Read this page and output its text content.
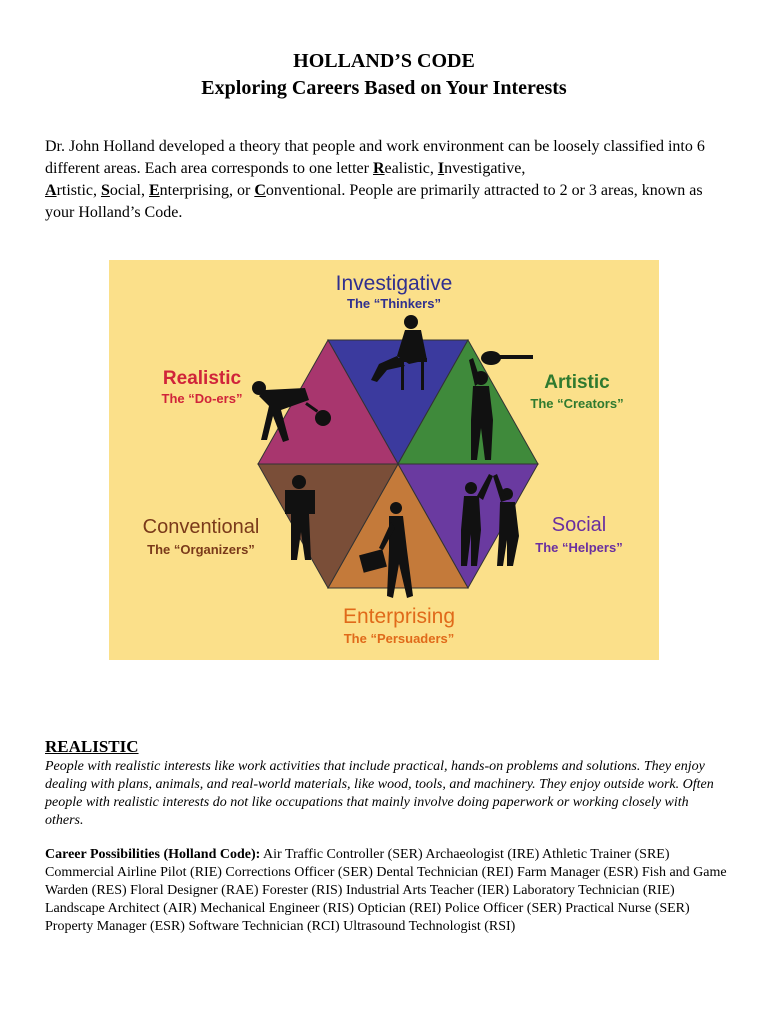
HOLLAND’S CODE
Exploring Careers Based on Your Interests

Dr. John Holland developed a theory that people and work environment can be loosely classified into 6 different areas. Each area corresponds to one letter Realistic, Investigative,
Artistic, Social, Enterprising, or Conventional. People are primarily attracted to 2 or 3 areas, known as your Holland’s Code.

Investigative
The “Thinkers”
Artistic
The “Creators”
Social
The “Helpers”
Enterprising
The “Persuaders”
Conventional
The “Organizers”
Realistic
The “Do-ers”
REALISTIC

People with realistic interests like work activities that include practical, hands-on problems and solutions. They enjoy dealing with plans, animals, and real-world materials, like wood, tools, and machinery. They enjoy outside work. Often people with realistic interests do not like occupations that mainly involve doing paperwork or working closely with others.

Career Possibilities (Holland Code): Air Traffic Controller (SER) Archaeologist (IRE) Athletic Trainer (SRE) Commercial Airline Pilot (RIE) Corrections Officer (SER) Dental Technician (REI) Farm Manager (ESR) Fish and Game Warden (RES) Floral Designer (RAE) Forester (RIS) Industrial Arts Teacher (IER) Laboratory Technician (RIE) Landscape Architect (AIR) Mechanical Engineer (RIS) Optician (REI) Police Officer (SER) Practical Nurse (SER) Property Manager (ESR) Software Technician (RCI) Ultrasound Technologist (RSI)
